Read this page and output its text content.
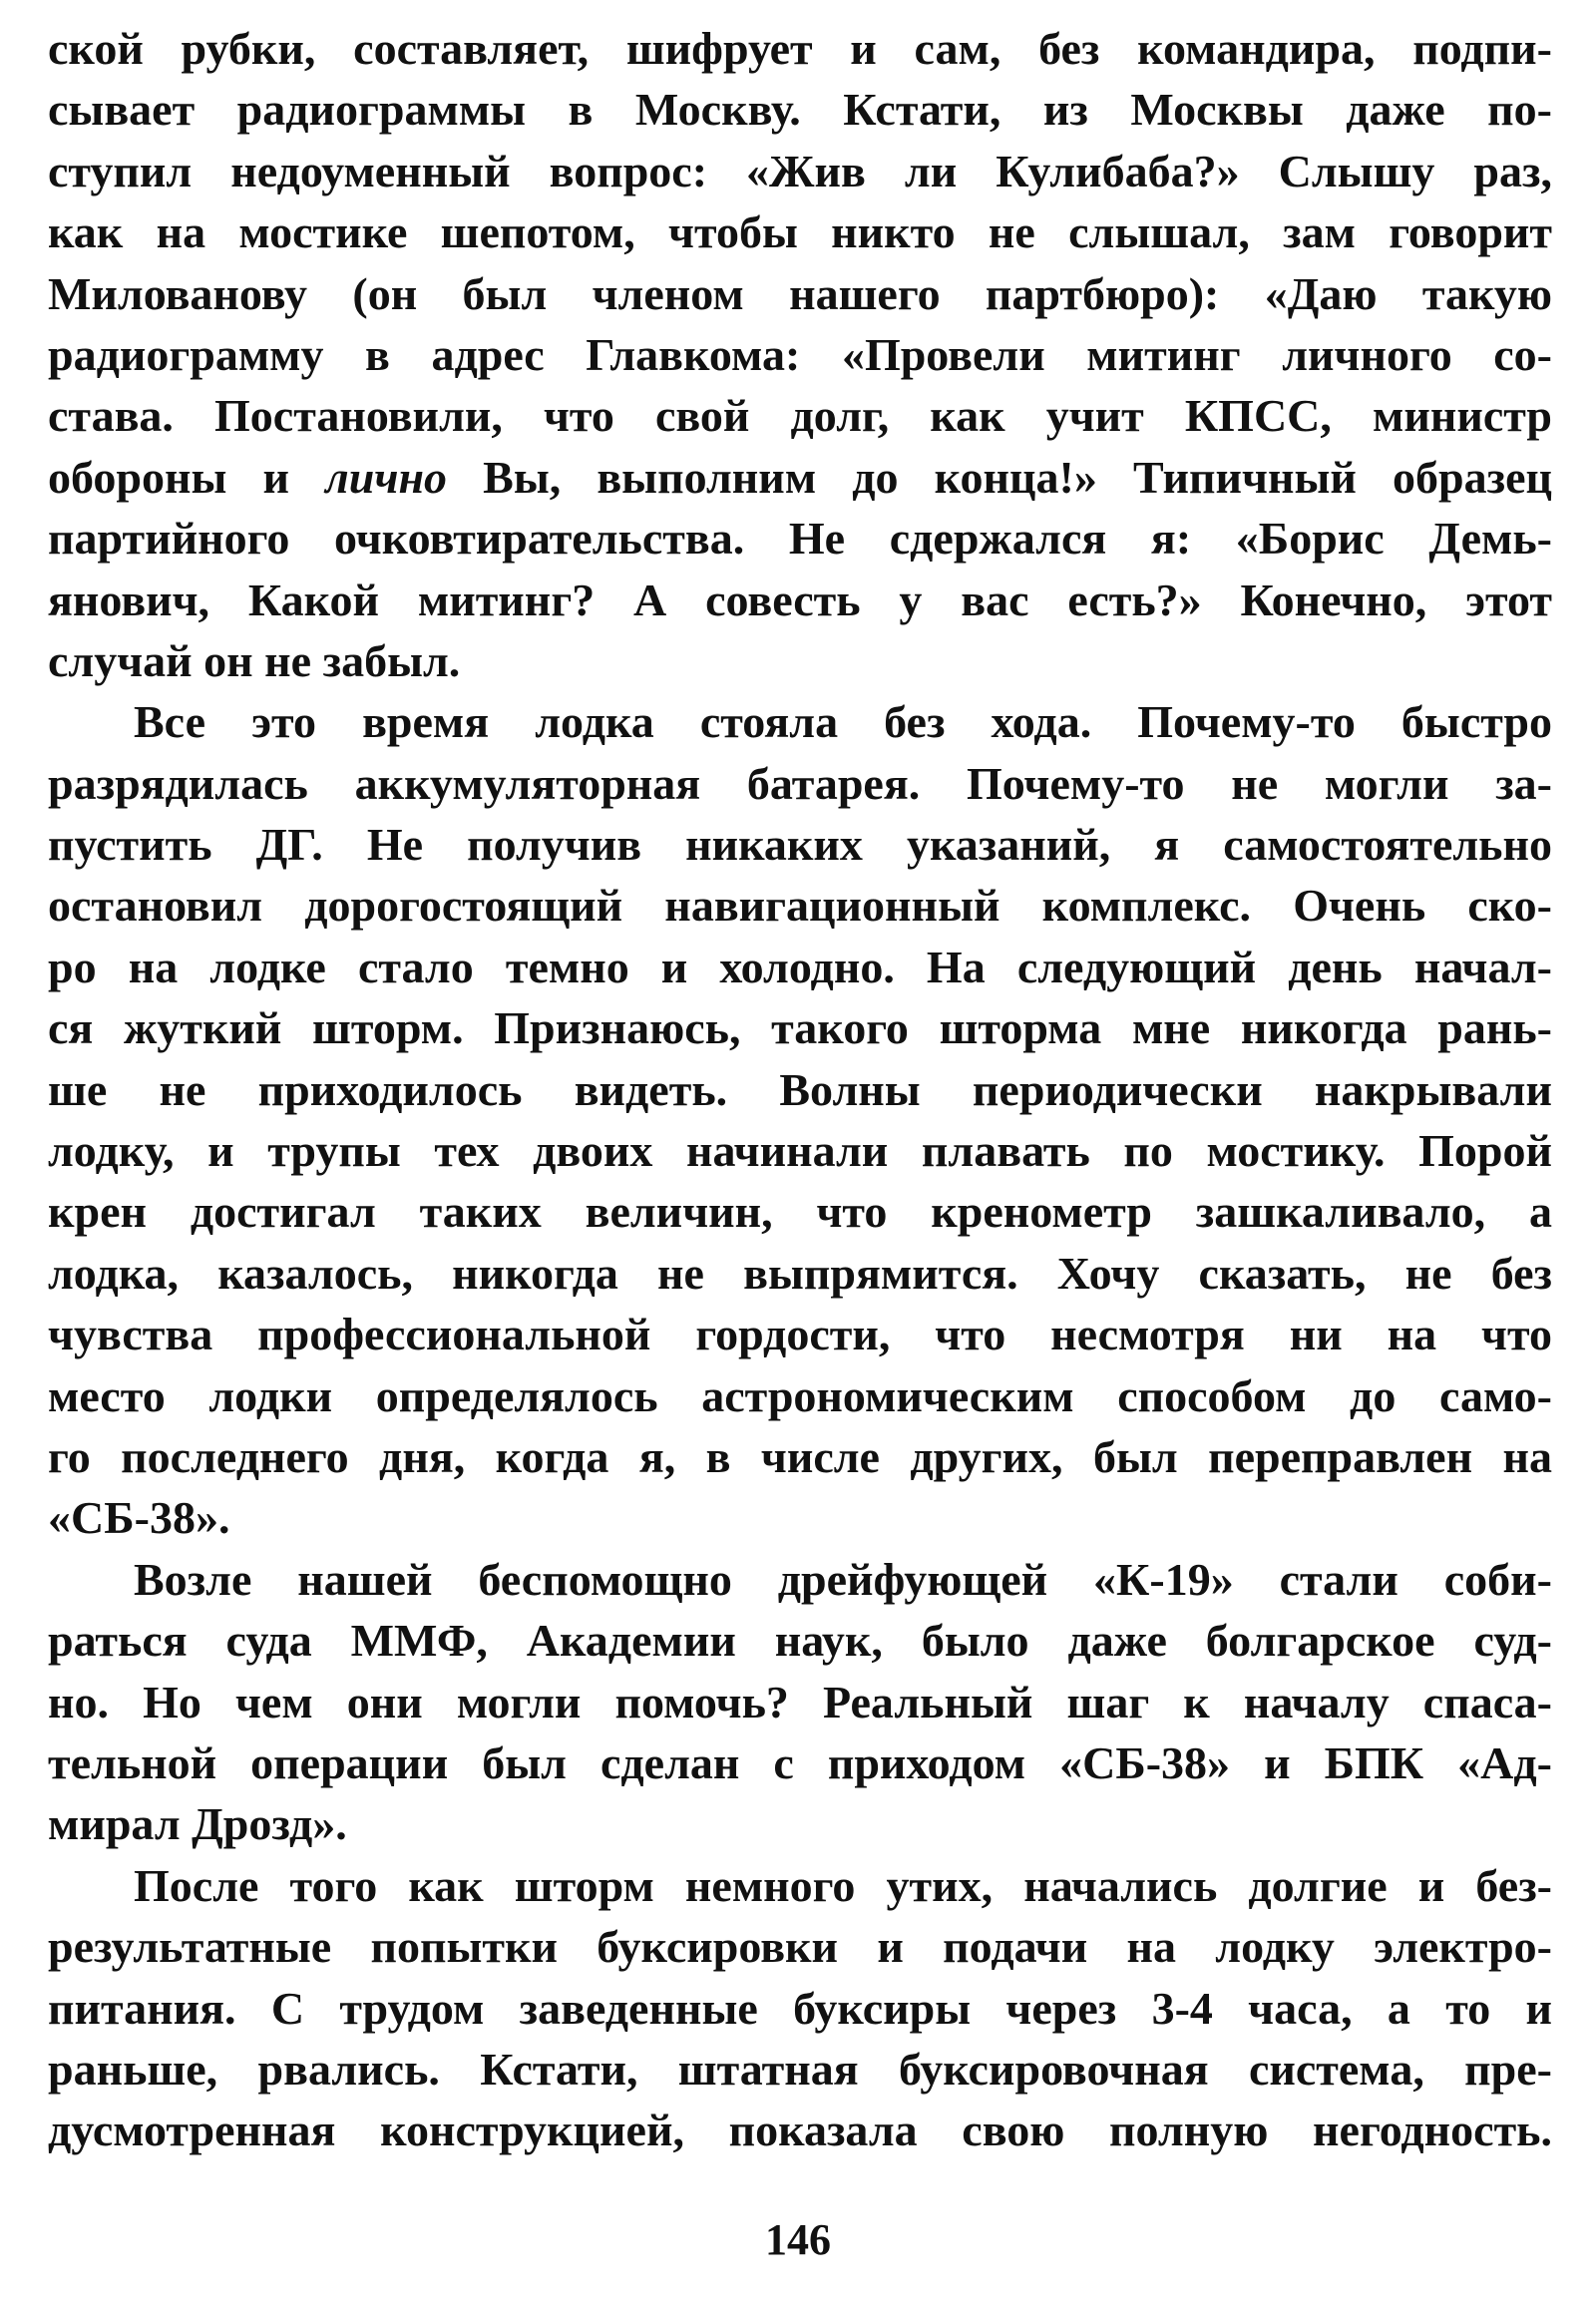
ской рубки, составляет, шифрует и сам, без командира, подпи-
сывает радиограммы в Москву. Кстати, из Москвы даже по-
ступил недоуменный вопрос: «Жив ли Кулибаба?» Слышу раз,
как на мостике шепотом, чтобы никто не слышал, зам говорит
Милованову (он был членом нашего партбюро): «Даю такую
радиограмму в адрес Главкома: «Провели митинг личного со-
става. Постановили, что свой долг, как учит КПСС, министр
обороны и лично Вы, выполним до конца!» Типичный образец
партийного очковтирательства. Не сдержался я: «Борис Демь-
янович, Какой митинг? А совесть у вас есть?» Конечно, этот
случай он не забыл.
Все это время лодка стояла без хода. Почему-то быстро
разрядилась аккумуляторная батарея. Почему-то не могли за-
пустить ДГ. Не получив никаких указаний, я самостоятельно
остановил дорогостоящий навигационный комплекс. Очень ско-
ро на лодке стало темно и холодно. На следующий день начал-
ся жуткий шторм. Признаюсь, такого шторма мне никогда рань-
ше не приходилось видеть. Волны периодически накрывали
лодку, и трупы тех двоих начинали плавать по мостику. Порой
крен достигал таких величин, что кренометр зашкаливало, а
лодка, казалось, никогда не выпрямится. Хочу сказать, не без
чувства профессиональной гордости, что несмотря ни на что
место лодки определялось астрономическим способом до само-
го последнего дня, когда я, в числе других, был переправлен на
«СБ-38».
Возле нашей беспомощно дрейфующей «К-19» стали соби-
раться суда ММФ, Академии наук, было даже болгарское суд-
но. Но чем они могли помочь? Реальный шаг к началу спаса-
тельной операции был сделан с приходом «СБ-38» и БПК «Ад-
мирал Дрозд».
После того как шторм немного утих, начались долгие и без-
результатные попытки буксировки и подачи на лодку электро-
питания. С трудом заведенные буксиры через 3-4 часа, а то и
раньше, рвались. Кстати, штатная буксировочная система, пре-
дусмотренная конструкцией, показала свою полную негодность.
146
